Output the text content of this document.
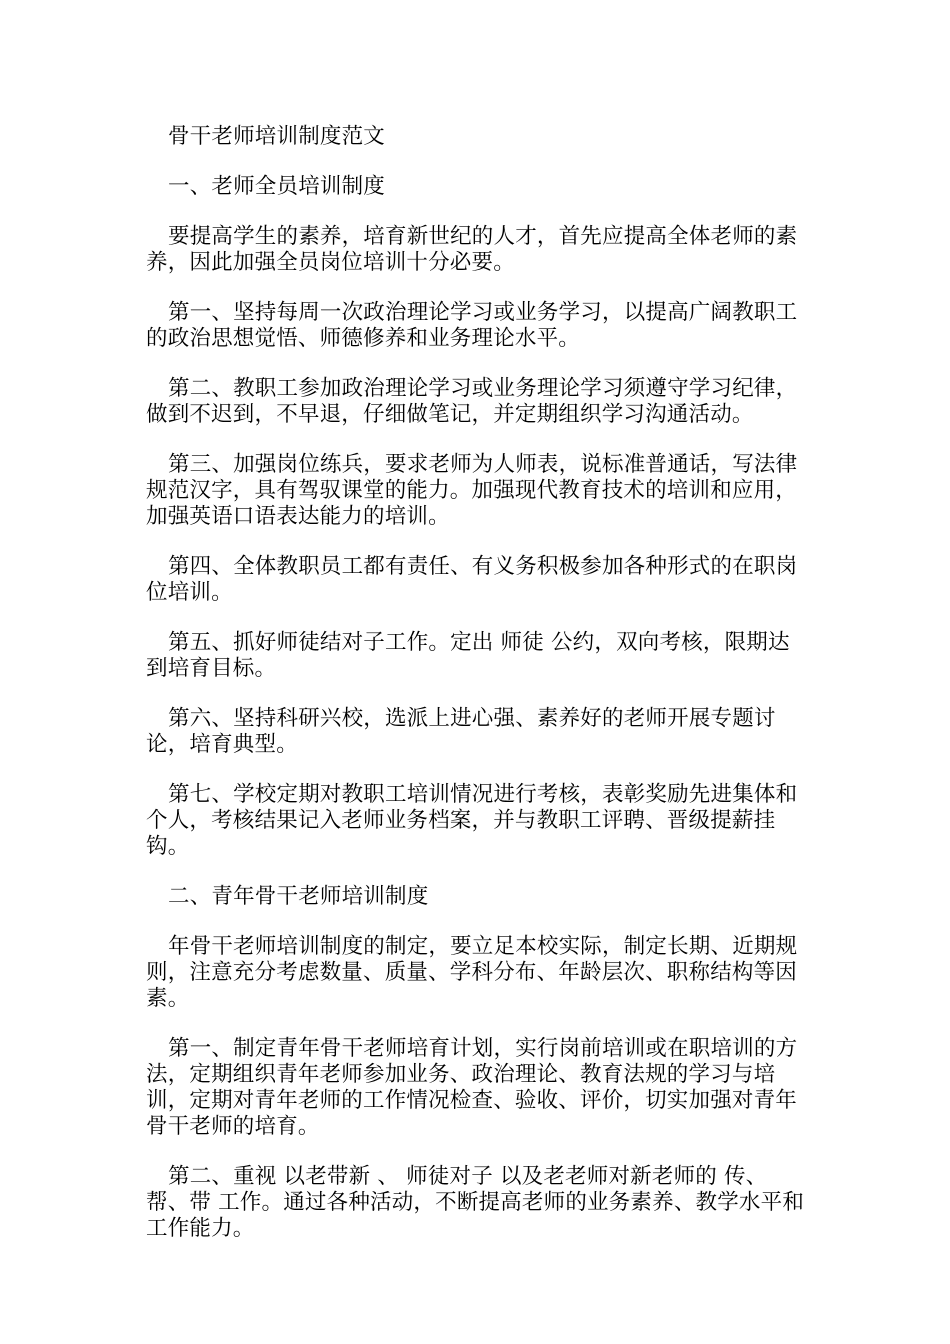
骨干老师培训制度范文

一、老师全员培训制度

要提高学生的素养，培育新世纪的人才，首先应提高全体老师的素养，因此加强全员岗位培训十分必要。

第一、坚持每周一次政治理论学习或业务学习，以提高广阔教职工的政治思想觉悟、师德修养和业务理论水平。

第二、教职工参加政治理论学习或业务理论学习须遵守学习纪律，做到不迟到，不早退，仔细做笔记，并定期组织学习沟通活动。

第三、加强岗位练兵，要求老师为人师表，说标准普通话，写法律规范汉字，具有驾驭课堂的能力。加强现代教育技术的培训和应用，加强英语口语表达能力的培训。

第四、全体教职员工都有责任、有义务积极参加各种形式的在职岗位培训。

第五、抓好师徒结对子工作。定出 师徒 公约，双向考核，限期达到培育目标。

第六、坚持科研兴校，选派上进心强、素养好的老师开展专题讨论，培育典型。

第七、学校定期对教职工培训情况进行考核，表彰奖励先进集体和个人，考核结果记入老师业务档案，并与教职工评聘、晋级提薪挂钩。

二、青年骨干老师培训制度

年骨干老师培训制度的制定，要立足本校实际，制定长期、近期规则，注意充分考虑数量、质量、学科分布、年龄层次、职称结构等因素。

第一、制定青年骨干老师培育计划，实行岗前培训或在职培训的方法，定期组织青年老师参加业务、政治理论、教育法规的学习与培训，定期对青年老师的工作情况检查、验收、评价，切实加强对青年骨干老师的培育。

第二、重视 以老带新 、 师徒对子 以及老老师对新老师的 传、帮、带 工作。通过各种活动，不断提高老师的业务素养、教学水平和工作能力。
